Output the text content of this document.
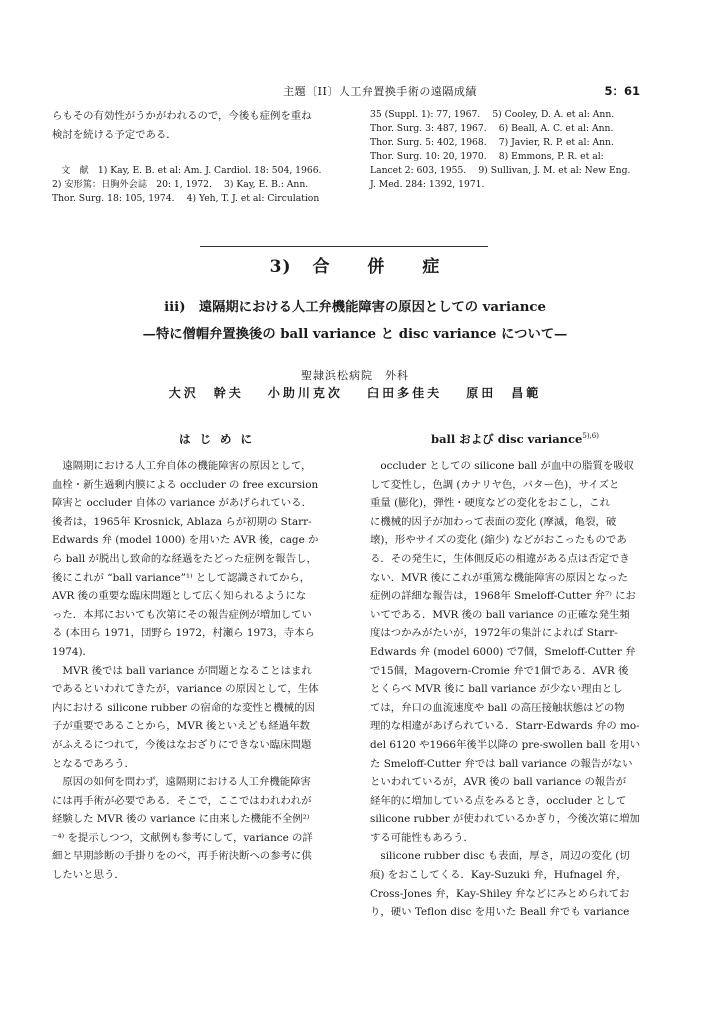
主題〔II〕人工弁置換手術の遠隔成績	5：61

らもその有効性がうかがわれるので，今後も症例を重ね

検討を続ける予定である．

　文　献　1) Kay, E. B. et al: Am. J. Cardiol. 18: 504, 1966.

2) 安形篤：日胸外会誌　20: 1, 1972.　 3) Kay, E. B.: Ann.

Thor. Surg. 18: 105, 1974.　 4) Yeh, T. J. et al: Circulation

35 (Suppl. 1): 77, 1967.　 5) Cooley, D. A. et al: Ann.

Thor. Surg. 3: 487, 1967.　 6) Beall, A. C. et al: Ann.

Thor. Surg. 5: 402, 1968.　 7) Javier, R. P. et al: Ann.

Thor. Surg. 10: 20, 1970.　 8) Emmons, P. R. et al:

Lancet 2: 603, 1955.　 9) Sullivan, J. M. et al: New Eng.

J. Med. 284: 1392, 1971.

3) 合 併 症
iii)　遠隔期における人工弁機能障害の原因としての variance
—特に僧帽弁置換後の ball variance と disc variance について—
聖隷浜松病院　外科
大沢　幹夫 小助川克次 臼田多佳夫 原田　昌範
はじめに	ball および disc variance$^{5),6)}$

　遠隔期における人工弁自体の機能障害の原因として，

血栓・新生過剰内膜による occluder の free excursion

障害と occluder 自体の variance があげられている．

後者は，1965年 Krosnick, Ablaza らが初期の Starr-

Edwards 弁 (model 1000) を用いた AVR 後，cage か

ら ball が脱出し致命的な経過をたどった症例を報告し，

後にこれが “ball variance”¹⁾ として認識されてから，

AVR 後の重要な臨床問題として広く知られるようにな

った．本邦においても次第にその報告症例が増加してい

る (本田ら 1971，団野ら 1972，村瀬ら 1973，寺本ら

1974)．

　MVR 後では ball variance が問題となることはまれ

であるといわれてきたが，variance の原因として，生体

内における silicone rubber の宿命的な変性と機械的因

子が重要であることから，MVR 後といえども経過年数

がふえるにつれて，今後はなおざりにできない臨床問題

となるであろう．

　原因の如何を問わず，遠隔期における人工弁機能障害

には再手術が必要である．そこで，ここではわれわれが

経験した MVR 後の variance に由来した機能不全例²⁾

⁻⁴⁾ を提示しつつ，文献例も参考にして，variance の詳

細と早期診断の手掛りをのべ，再手術決断への参考に供

したいと思う．

　occluder としての silicone ball が血中の脂質を吸収

して変性し，色調 (カナリヤ色，バター色)，サイズと

重量 (膨化)，弾性・硬度などの変化をおこし，これ

に機械的因子が加わって表面の変化 (摩滅，亀裂，破

壊)，形やサイズの変化 (縮少) などがおこったものであ

る．その発生に，生体側反応の相違がある点は否定でき

ない．MVR 後にこれが重篤な機能障害の原因となった

症例の詳細な報告は，1968年 Smeloff-Cutter 弁⁷⁾ にお

いてである．MVR 後の ball variance の正確な発生頻

度はつかみがたいが，1972年の集計によれば Starr-

Edwards 弁 (model 6000) で7個，Smeloff-Cutter 弁

で15個，Magovern-Cromie 弁で1個である．AVR 後

とくらべ MVR 後に ball variance が少ない理由とし

ては，弁口の血流速度や ball の高圧接触状態はどの物

理的な相違があげられている．Starr-Edwards 弁の mo-

del 6120 や1966年後半以降の pre-swollen ball を用い

た Smeloff-Cutter 弁では ball variance の報告がない

といわれているが，AVR 後の ball variance の報告が

経年的に増加している点をみるとき，occluder として

silicone rubber が使われているかぎり，今後次第に増加

する可能性もあろう．

　silicone rubber disc も表面，厚さ，周辺の変化 (切

痕) をおこしてくる．Kay-Suzuki 弁，Hufnagel 弁，

Cross-Jones 弁，Kay-Shiley 弁などにみとめられてお

り，硬い Teflon disc を用いた Beall 弁でも variance
